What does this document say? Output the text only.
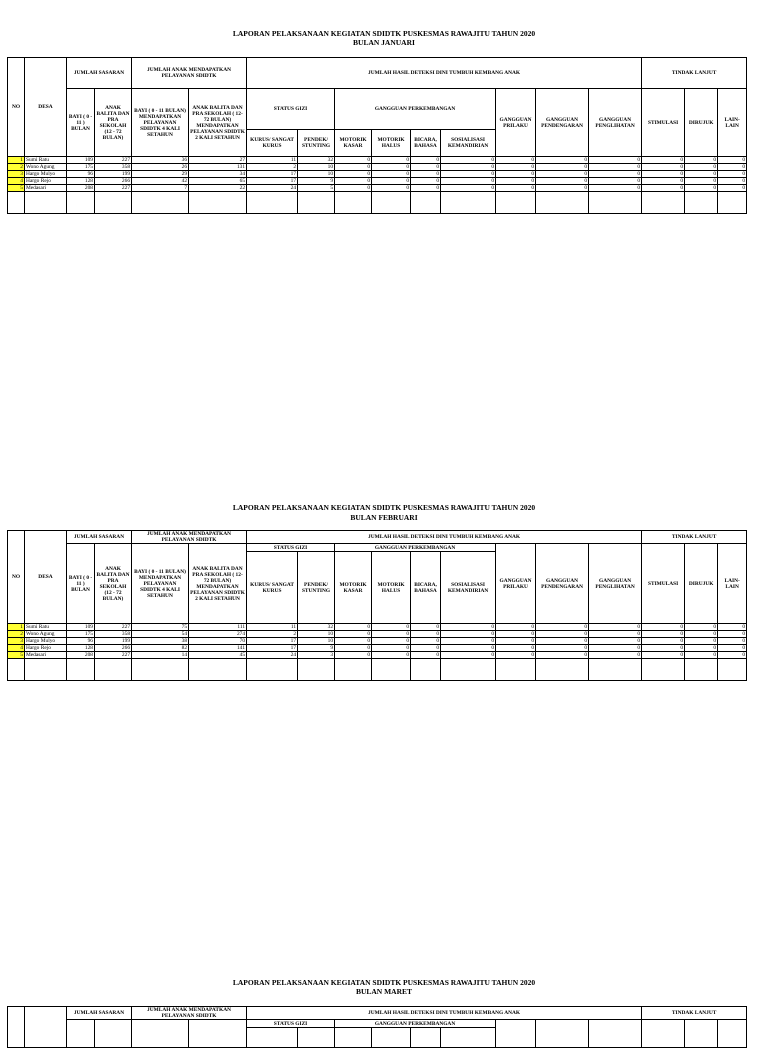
LAPORAN PELAKSANAAN KEGIATAN SDIDTK PUSKESMAS RAWAJITU TAHUN 2020
BULAN JANUARI
NO	DESA	JUMLAH SASARAN		JUMLAH ANAK MENDAPATKAN PELAYANAN SDIDTK		JUMLAH HASIL DETEKSI DINI TUMBUH KEMBANG ANAK									TINDAK LANJUT		
		BAYI ( 0 - 11 ) BULAN	ANAK BALITA DAN PRA SEKOLAH (12 - 72 BULAN)	BAYI ( 0 - 11 BULAN) MENDAPATKAN PELAYANAN SDIDTK 4 KALI SETAHUN	ANAK BALITA DAN PRA SEKOLAH ( 12- 72 BULAN) MENDAPATKAN PELAYANAN SDIDTK 2 KALI SETAHUN	STATUS GIZI		GANGGUAN PERKEMBANGAN				GANGGUAN PRILAKU	GANGGUAN PENDENGARAN	GANGGUAN PENGLIHATAN	STIMULASI	DIRUJUK	LAIN- LAIN
						KURUS/ SANGAT KURUS	PENDEK/ STUNTING	MOTORIK KASAR	MOTORIK HALUS	BICARA, BAHASA	SOSIALISASI KEMANDIRIAN						
1	Sumi Ratu	109	227	36	27	11	32	0	0	0	0	0	0	0	0	0	0
2	Wono Agung	175	358	26	131	2	10	0	0	0	0	0	0	0	0	0	0
3	Hargo Mulyo	96	199	29	34	17	10	0	0	0	0	0	0	0	0	0	0
4	Hargo Rejo	128	266	42	65	17	9	0	0	0	0	0	0	0	0	0	0
5	Medasari	208	227	7	22	24	5	0	0	0	0	0	0	0	0	0	0

LAPORAN PELAKSANAAN KEGIATAN SDIDTK PUSKESMAS RAWAJITU TAHUN 2020
BULAN FEBRUARI
NO	DESA	JUMLAH SASARAN		JUMLAH ANAK MENDAPATKAN PELAYANAN SDIDTK		JUMLAH HASIL DETEKSI DINI TUMBUH KEMBANG ANAK									TINDAK LANJUT		
		BAYI ( 0 - 11 ) BULAN	ANAK BALITA DAN PRA SEKOLAH (12 - 72 BULAN)	BAYI ( 0 - 11 BULAN) MENDAPATKAN PELAYANAN SDIDTK 4 KALI SETAHUN	ANAK BALITA DAN PRA SEKOLAH ( 12- 72 BULAN) MENDAPATKAN PELAYANAN SDIDTK 2 KALI SETAHUN	STATUS GIZI		GANGGUAN PERKEMBANGAN				GANGGUAN PRILAKU	GANGGUAN PENDENGARAN	GANGGUAN PENGLIHATAN	STIMULASI	DIRUJUK	LAIN- LAIN
						KURUS/ SANGAT KURUS	PENDEK/ STUNTING	MOTORIK KASAR	MOTORIK HALUS	BICARA, BAHASA	SOSIALISASI KEMANDIRIAN						
1	Sumi Ratu	109	227	75	111	11	32	0	0	0	0	0	0	0	0	0	0
2	Wono Agung	175	358	54	274	2	10	0	0	0	0	0	0	0	0	0	0
3	Hargo Mulyo	96	199	38	70	17	10	0	0	0	0	0	0	0	0	0	0
4	Hargo Rejo	128	266	82	141	17	9	0	0	0	0	0	0	0	0	0	0
5	Medasari	208	227	14	45	24	3	0	0	0	0	0	0	0	0	0	0

LAPORAN PELAKSANAAN KEGIATAN SDIDTK PUSKESMAS RAWAJITU TAHUN 2020
BULAN MARET
		JUMLAH SASARAN		JUMLAH ANAK MENDAPATKAN PELAYANAN SDIDTK		JUMLAH HASIL DETEKSI DINI TUMBUH KEMBANG ANAK									TINDAK LANJUT		
						STATUS GIZI		GANGGUAN PERKEMBANGAN									
